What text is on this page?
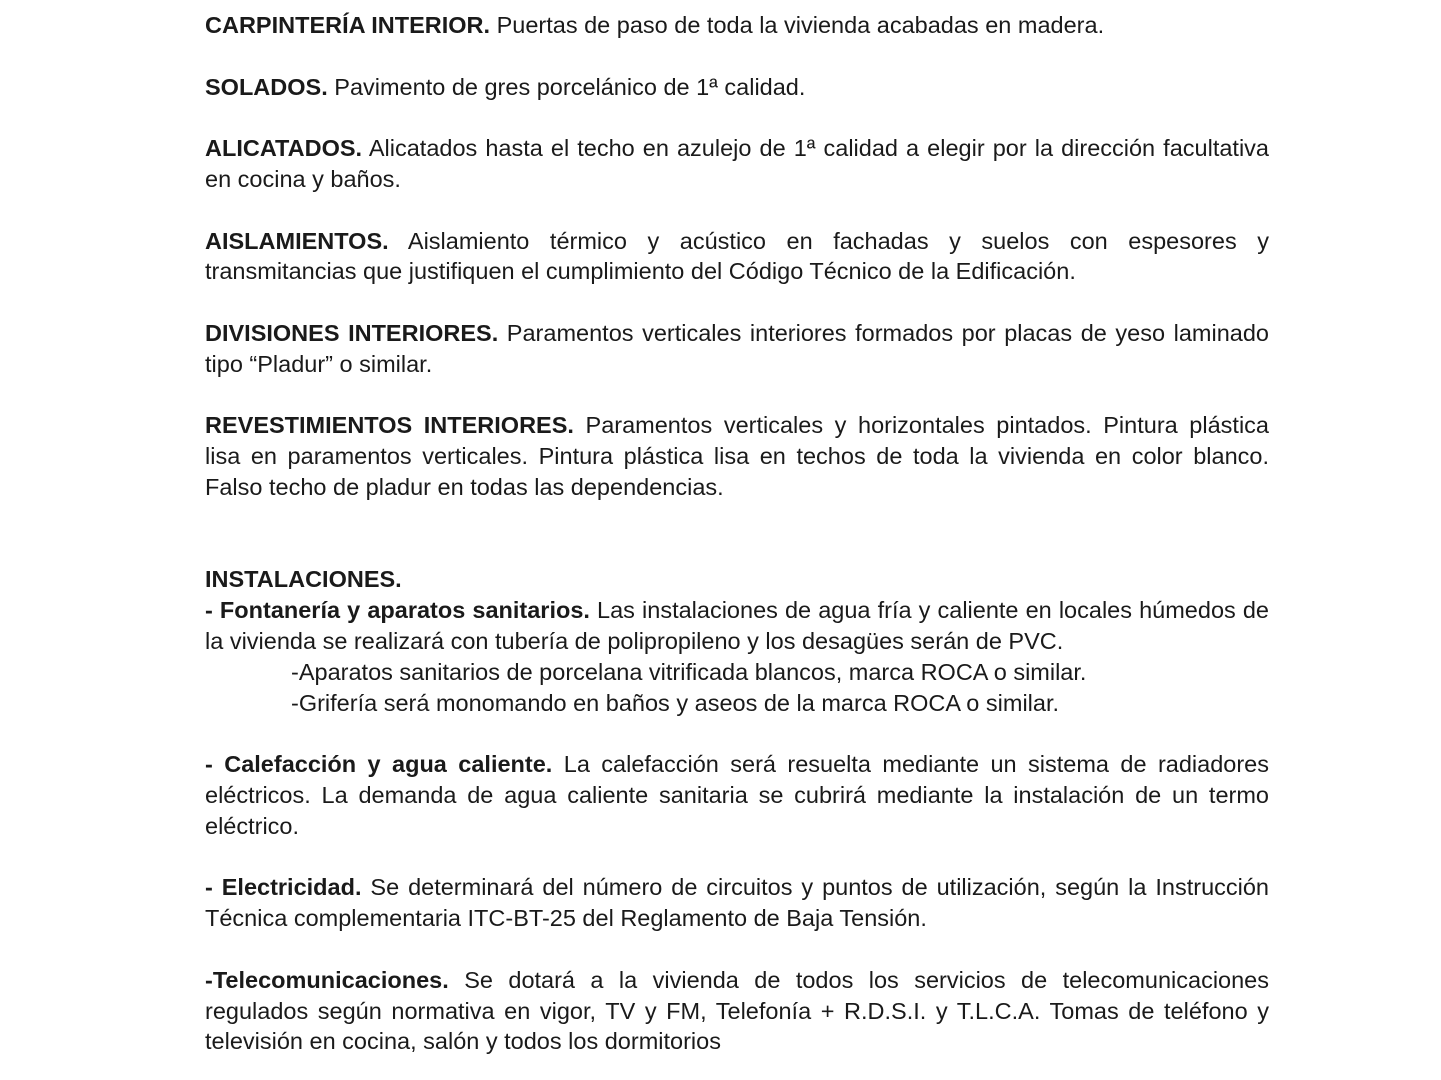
CARPINTERÍA INTERIOR. Puertas de paso de toda la vivienda acabadas en madera.

SOLADOS. Pavimento de gres porcelánico de 1ª calidad.

ALICATADOS. Alicatados hasta el techo en azulejo de 1ª calidad a elegir por la dirección facultativa en cocina y baños.

AISLAMIENTOS. Aislamiento térmico y acústico en fachadas y suelos con espesores y transmitancias que justifiquen el cumplimiento del Código Técnico de la Edificación.

DIVISIONES INTERIORES. Paramentos verticales interiores formados por placas de yeso laminado tipo “Pladur” o similar.

REVESTIMIENTOS INTERIORES. Paramentos verticales y horizontales pintados. Pintura plástica lisa en paramentos verticales. Pintura plástica lisa en techos de toda la vivienda en color blanco. Falso techo de pladur en todas las dependencias.

INSTALACIONES.

- Fontanería y aparatos sanitarios. Las instalaciones de agua fría y caliente en locales húmedos de la vivienda se realizará con tubería de polipropileno y los desagües serán de PVC.

-Aparatos sanitarios de porcelana vitrificada blancos, marca ROCA o similar.

-Grifería será monomando en baños y aseos de la marca ROCA o similar.

- Calefacción y agua caliente. La calefacción será resuelta mediante un sistema de radiadores eléctricos. La demanda de agua caliente sanitaria se cubrirá mediante la instalación de un termo eléctrico.

- Electricidad. Se determinará del número de circuitos y puntos de utilización, según la Instrucción Técnica complementaria ITC-BT-25 del Reglamento de Baja Tensión.

-Telecomunicaciones. Se dotará a la vivienda de todos los servicios de telecomunicaciones regulados según normativa en vigor, TV y FM, Telefonía + R.D.S.I. y T.L.C.A. Tomas de teléfono y televisión en cocina, salón y todos los dormitorios
